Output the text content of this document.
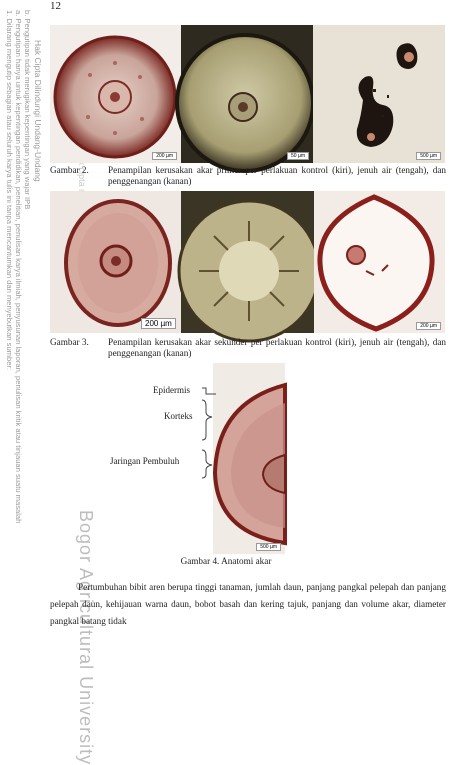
1. Dilarang mengutip sebagian atau seluruh karya tulis ini tanpa mencantumkan dan menyebutkan sumber: a. Pengutipan hanya untuk kepentingan pendidikan, penelitian, penulisan karya ilmiah, penyusunan laporan, penulisan kritik atau tinjauan suatu masalah b. Pengutipan tidak merugikan kepentingan yang wajar IPB Hak Cipta Dilindungi Undang-Undang
Bogor Agricultural University
12
200 µm	50 µm	500 µm
Gambar 2. Penampilan kerusakan akar primer per perlakuan kontrol (kiri), jenuh air (tengah), dan penggenangan (kanan)
200 µm	200 µm
Gambar 3. Penampilan kerusakan akar sekunder per perlakuan kontrol (kiri), jenuh air (tengah), dan penggenangan (kanan)
500 µm
Epidermis
Korteks
Jaringan Pembuluh
Gambar 4. Anatomi akar
Pertumbuhan bibit aren berupa tinggi tanaman, jumlah daun, panjang pangkal pelepah dan panjang pelepah daun, kehijauan warna daun, bobot basah dan kering tajuk, panjang dan volume akar, diameter pangkal batang tidak
